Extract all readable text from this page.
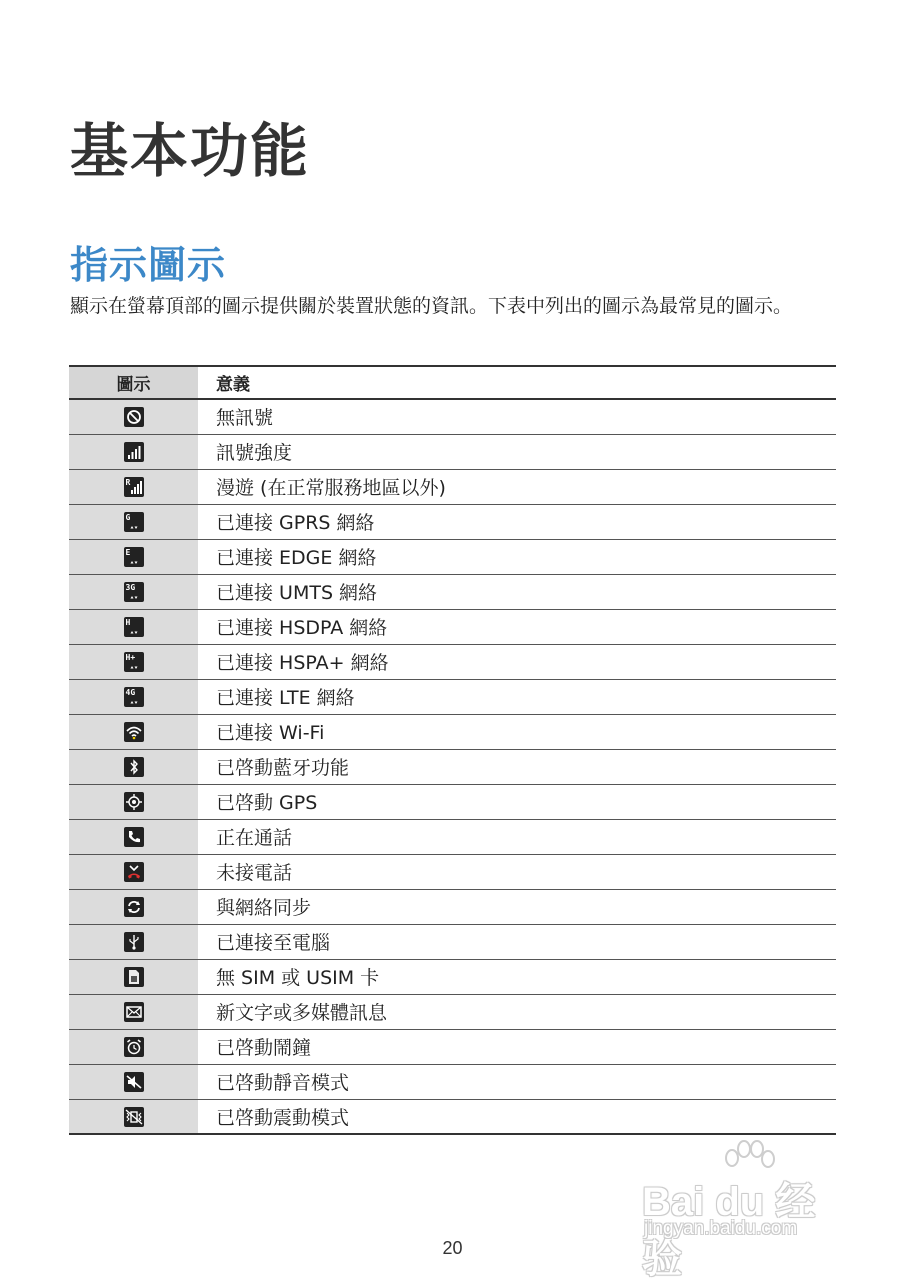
基本功能
指示圖示

顯示在螢幕頂部的圖示提供關於裝置狀態的資訊。下表中列出的圖示為最常見的圖示。

圖示	意義

	無訊號

	訊號強度

R	漫遊 (在正常服務地區以外)

G	已連接 GPRS 網絡

E	已連接 EDGE 網絡

3G	已連接 UMTS 網絡

H	已連接 HSDPA 網絡

H+	已連接 HSPA+ 網絡

4G	已連接 LTE 網絡

	已連接 Wi-Fi

	已啓動藍牙功能

	已啓動 GPS

	正在通話

	未接電話

	與網絡同步

	已連接至電腦

	無 SIM 或 USIM 卡

	新文字或多媒體訊息

	已啓動鬧鐘

	已啓動靜音模式

	已啓動震動模式
20
Bai du 经验
jingyan.baidu.com
